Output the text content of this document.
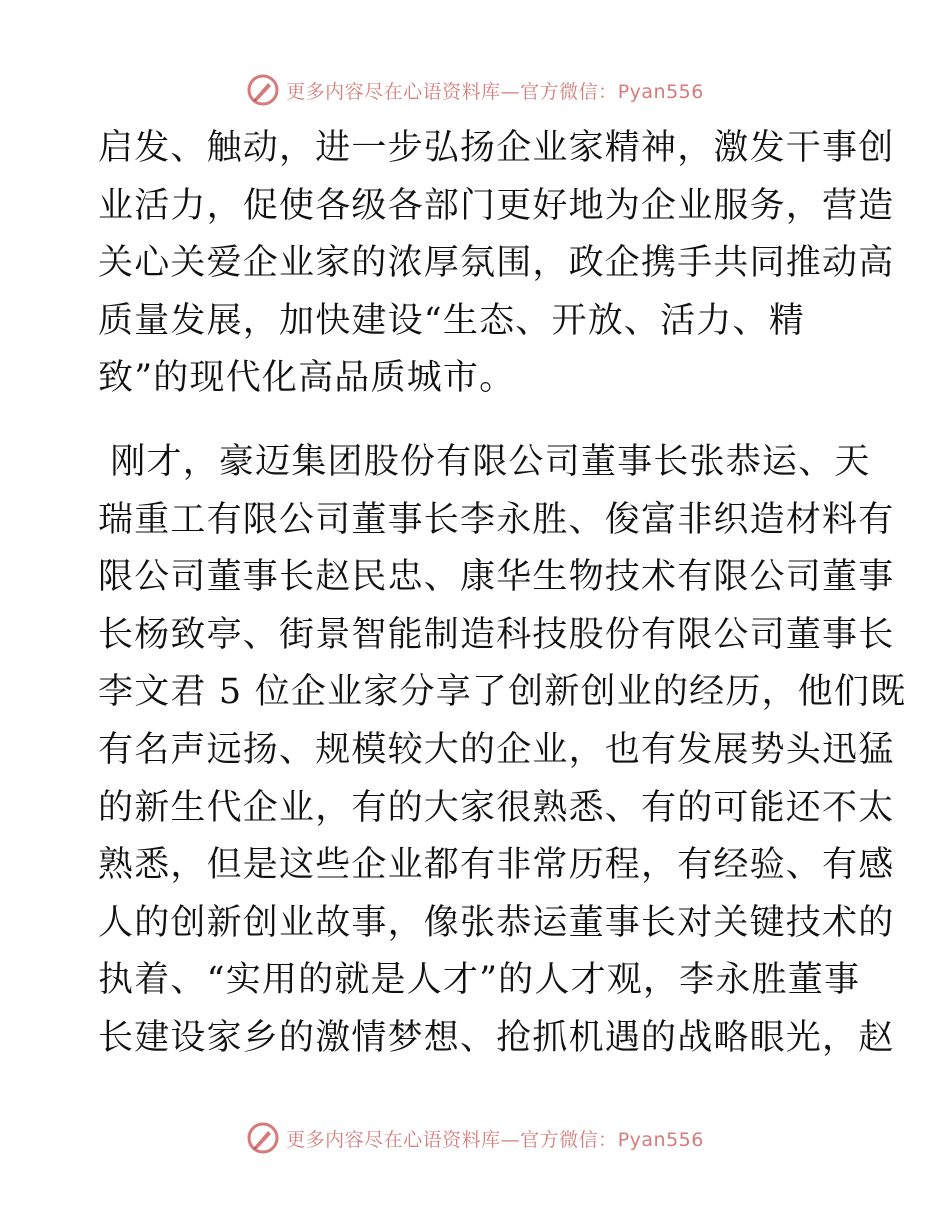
更多内容尽在心语资料库—官方微信：Pyan556
启发、触动，进一步弘扬企业家精神，激发干事创
业活力，促使各级各部门更好地为企业服务，营造
关心关爱企业家的浓厚氛围，政企携手共同推动高
质量发展，加快建设“生态、开放、活力、精
致”的现代化高品质城市。
刚才，豪迈集团股份有限公司董事长张恭运、天
瑞重工有限公司董事长李永胜、俊富非织造材料有
限公司董事长赵民忠、康华生物技术有限公司董事
长杨致亭、街景智能制造科技股份有限公司董事长
李文君 5 位企业家分享了创新创业的经历，他们既
有名声远扬、规模较大的企业，也有发展势头迅猛
的新生代企业，有的大家很熟悉、有的可能还不太
熟悉，但是这些企业都有非常历程，有经验、有感
人的创新创业故事，像张恭运董事长对关键技术的
执着、“实用的就是人才”的人才观，李永胜董事
长建设家乡的激情梦想、抢抓机遇的战略眼光，赵
更多内容尽在心语资料库—官方微信：Pyan556
